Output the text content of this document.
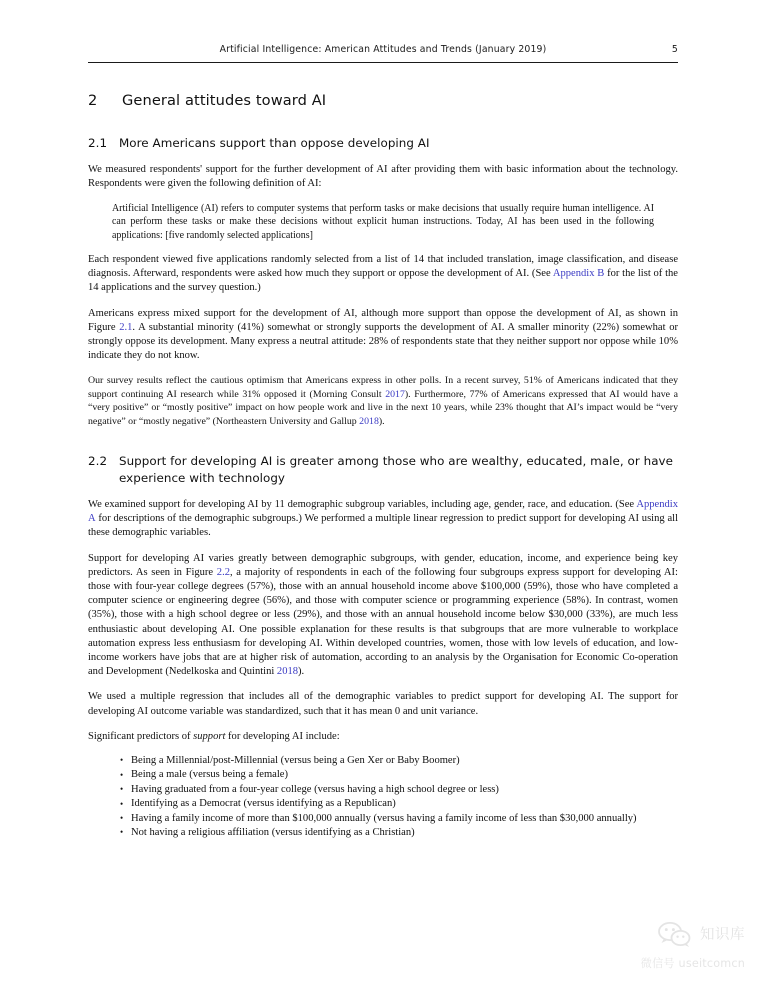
Artificial Intelligence: American Attitudes and Trends (January 2019)	5
2	General attitudes toward AI
2.1	More Americans support than oppose developing AI

We measured respondents' support for the further development of AI after providing them with basic information about the technology. Respondents were given the following definition of AI:

Artificial Intelligence (AI) refers to computer systems that perform tasks or make decisions that usually require human intelligence. AI can perform these tasks or make these decisions without explicit human instructions. Today, AI has been used in the following applications: [five randomly selected applications]

Each respondent viewed five applications randomly selected from a list of 14 that included translation, image classification, and disease diagnosis. Afterward, respondents were asked how much they support or oppose the development of AI. (See Appendix B for the list of the 14 applications and the survey question.)

Americans express mixed support for the development of AI, although more support than oppose the development of AI, as shown in Figure 2.1. A substantial minority (41%) somewhat or strongly supports the development of AI. A smaller minority (22%) somewhat or strongly oppose its development. Many express a neutral attitude: 28% of respondents state that they neither support nor oppose while 10% indicate they do not know.

Our survey results reflect the cautious optimism that Americans express in other polls. In a recent survey, 51% of Americans indicated that they support continuing AI research while 31% opposed it (Morning Consult 2017). Furthermore, 77% of Americans expressed that AI would have a “very positive” or “mostly positive” impact on how people work and live in the next 10 years, while 23% thought that AI’s impact would be “very negative” or “mostly negative” (Northeastern University and Gallup 2018).

2.2	Support for developing AI is greater among those who are wealthy, educated, male, or have experience with technology

We examined support for developing AI by 11 demographic subgroup variables, including age, gender, race, and education. (See Appendix A for descriptions of the demographic subgroups.) We performed a multiple linear regression to predict support for developing AI using all these demographic variables.

Support for developing AI varies greatly between demographic subgroups, with gender, education, income, and experience being key predictors. As seen in Figure 2.2, a majority of respondents in each of the following four subgroups express support for developing AI: those with four-year college degrees (57%), those with an annual household income above $100,000 (59%), those who have completed a computer science or engineering degree (56%), and those with computer science or programming experience (58%). In contrast, women (35%), those with a high school degree or less (29%), and those with an annual household income below $30,000 (33%), are much less enthusiastic about developing AI. One possible explanation for these results is that subgroups that are more vulnerable to workplace automation express less enthusiasm for developing AI. Within developed countries, women, those with low levels of education, and low-income workers have jobs that are at higher risk of automation, according to an analysis by the Organisation for Economic Co-operation and Development (Nedelkoska and Quintini 2018).

We used a multiple regression that includes all of the demographic variables to predict support for developing AI. The support for developing AI outcome variable was standardized, such that it has mean 0 and unit variance.

Significant predictors of support for developing AI include:

• Being a Millennial/post-Millennial (versus being a Gen Xer or Baby Boomer)
• Being a male (versus being a female)
• Having graduated from a four-year college (versus having a high school degree or less)
• Identifying as a Democrat (versus identifying as a Republican)
• Having a family income of more than $100,000 annually (versus having a family income of less than $30,000 annually)
• Not having a religious affiliation (versus identifying as a Christian)
知识库
微信号 useitcomcn
